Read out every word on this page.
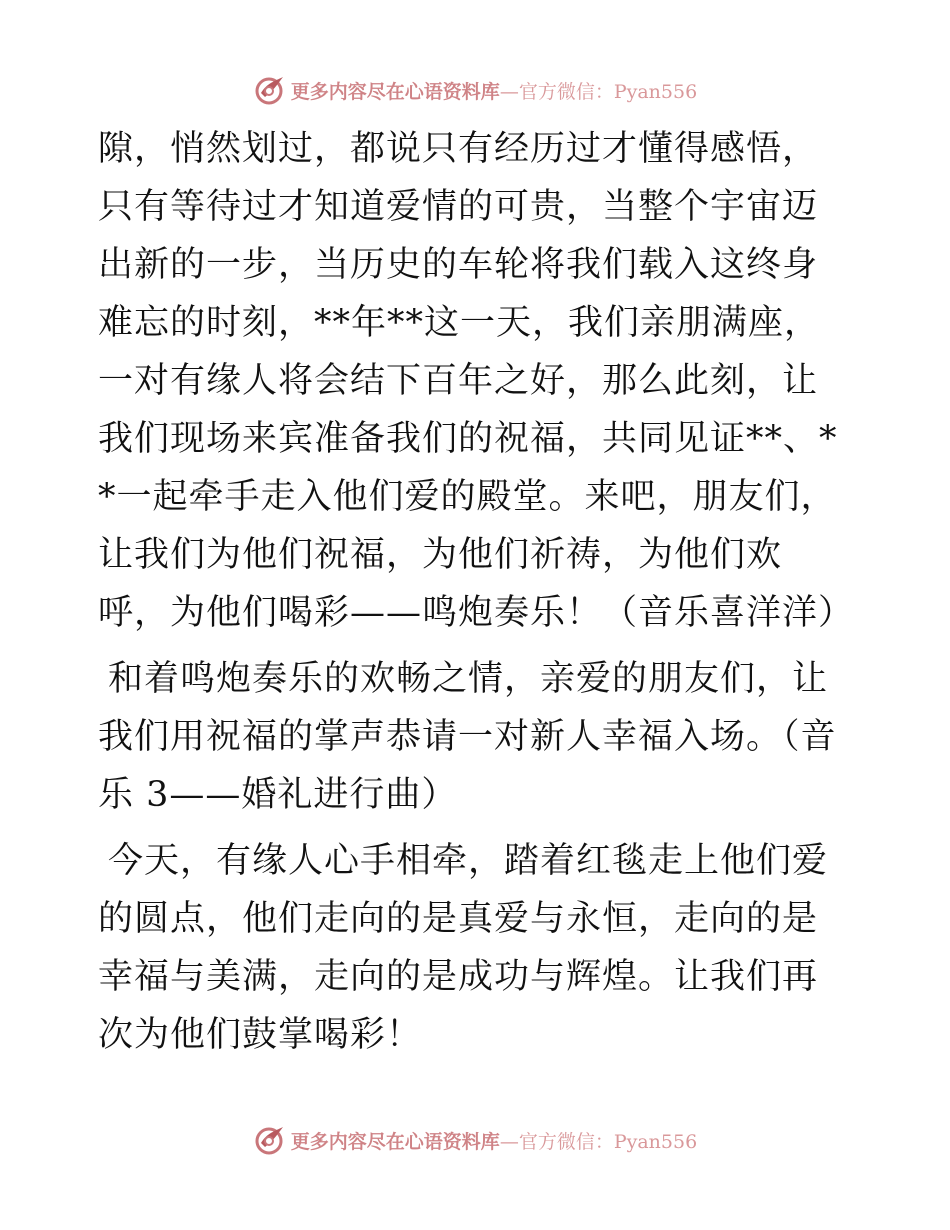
更多内容尽在心语资料库—官方微信：Pyan556

隙，悄然划过，都说只有经历过才懂得感悟，只有等待过才知道爱情的可贵，当整个宇宙迈出新的一步，当历史的车轮将我们载入这终身难忘的时刻，**年**这一天，我们亲朋满座，一对有缘人将会结下百年之好，那么此刻，让我们现场来宾准备我们的祝福，共同见证**、**一起牵手走入他们爱的殿堂。来吧，朋友们，让我们为他们祝福，为他们祈祷，为他们欢呼，为他们喝彩——鸣炮奏乐！（音乐喜洋洋）

和着鸣炮奏乐的欢畅之情，亲爱的朋友们，让我们用祝福的掌声恭请一对新人幸福入场。（音乐 3——婚礼进行曲）

今天，有缘人心手相牵，踏着红毯走上他们爱的圆点，他们走向的是真爱与永恒，走向的是幸福与美满，走向的是成功与辉煌。让我们再次为他们鼓掌喝彩！

更多内容尽在心语资料库—官方微信：Pyan556
